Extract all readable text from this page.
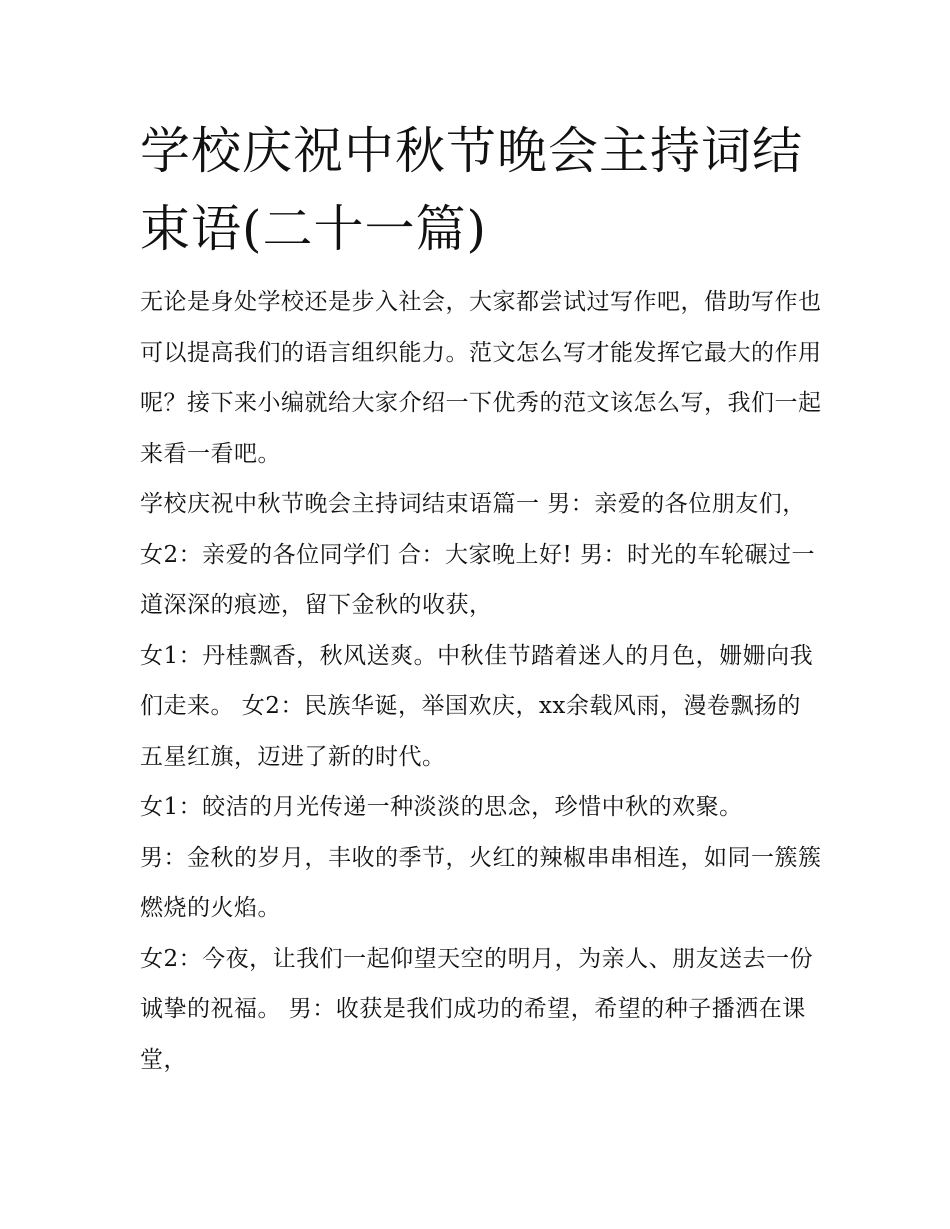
学校庆祝中秋节晚会主持词结束语(二十一篇)

无论是身处学校还是步入社会，大家都尝试过写作吧，借助写作也可以提高我们的语言组织能力。范文怎么写才能发挥它最大的作用呢？接下来小编就给大家介绍一下优秀的范文该怎么写，我们一起来看一看吧。

学校庆祝中秋节晚会主持词结束语篇一 男：亲爱的各位朋友们， 女2：亲爱的各位同学们 合：大家晚上好! 男：时光的车轮碾过一道深深的痕迹，留下金秋的收获，

女1：丹桂飘香，秋风送爽。中秋佳节踏着迷人的月色，姗姗向我们走来。 女2：民族华诞，举国欢庆，xx余载风雨，漫卷飘扬的五星红旗，迈进了新的时代。

女1：皎洁的月光传递一种淡淡的思念，珍惜中秋的欢聚。

男：金秋的岁月，丰收的季节，火红的辣椒串串相连，如同一簇簇燃烧的火焰。

女2：今夜，让我们一起仰望天空的明月，为亲人、朋友送去一份诚挚的祝福。 男：收获是我们成功的希望，希望的种子播洒在课堂，
